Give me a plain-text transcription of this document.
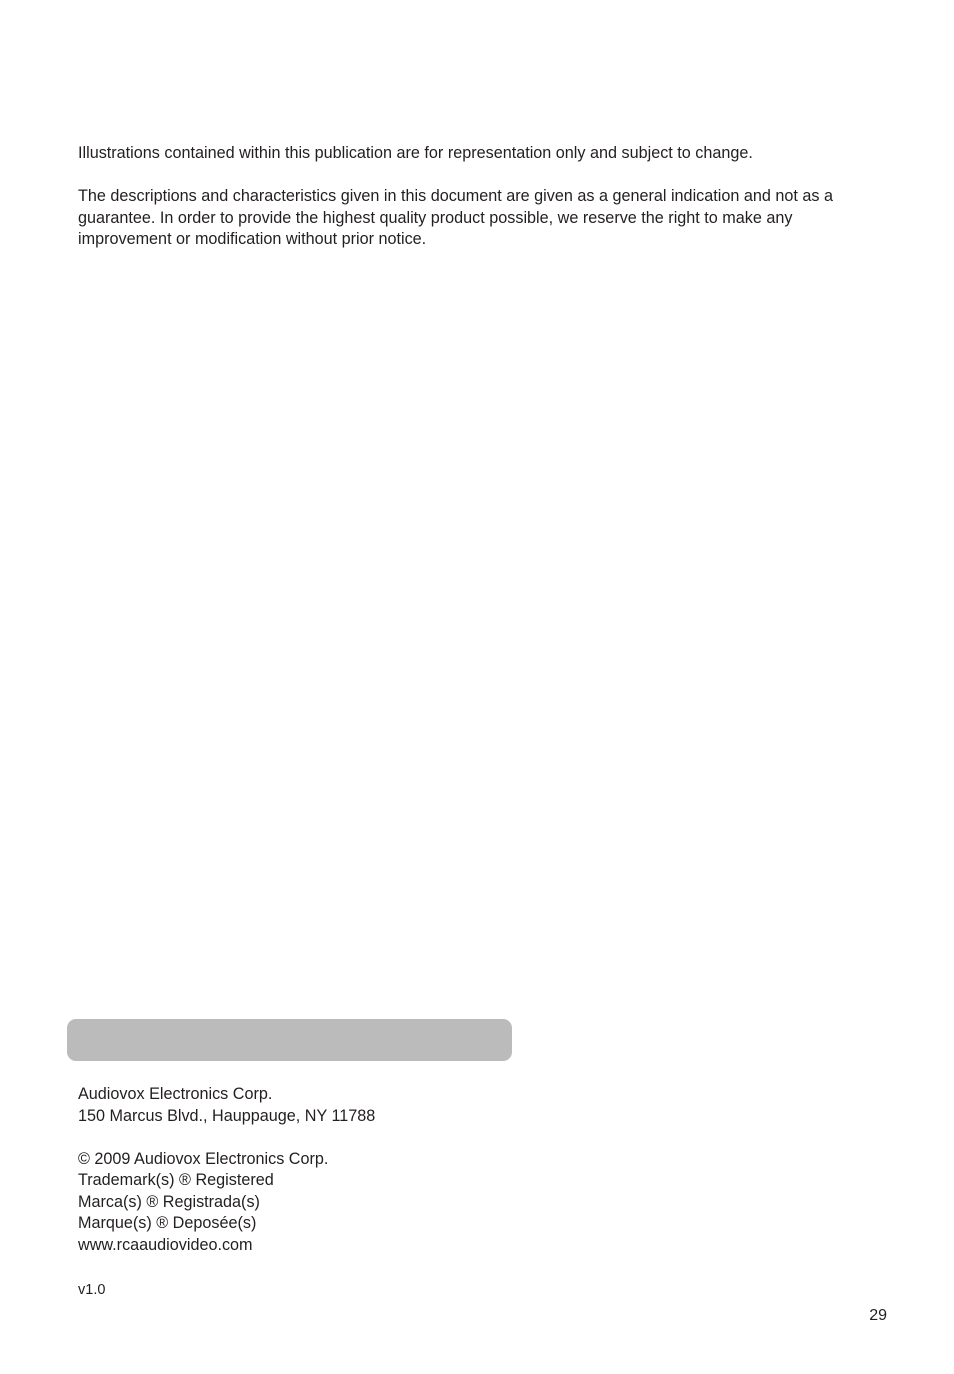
Illustrations contained within this publication are for representation only and subject to change.

The descriptions and characteristics given in this document are given as a general indication and not as a guarantee. In order to provide the highest quality product possible, we reserve the right to make any improvement or modification without prior notice.

Audiovox Electronics Corp.
150 Marcus Blvd., Hauppauge, NY 11788
© 2009 Audiovox Electronics Corp.
Trademark(s) ® Registered
Marca(s) ® Registrada(s)
Marque(s) ® Deposée(s)
www.rcaaudiovideo.com
v1.0
29
